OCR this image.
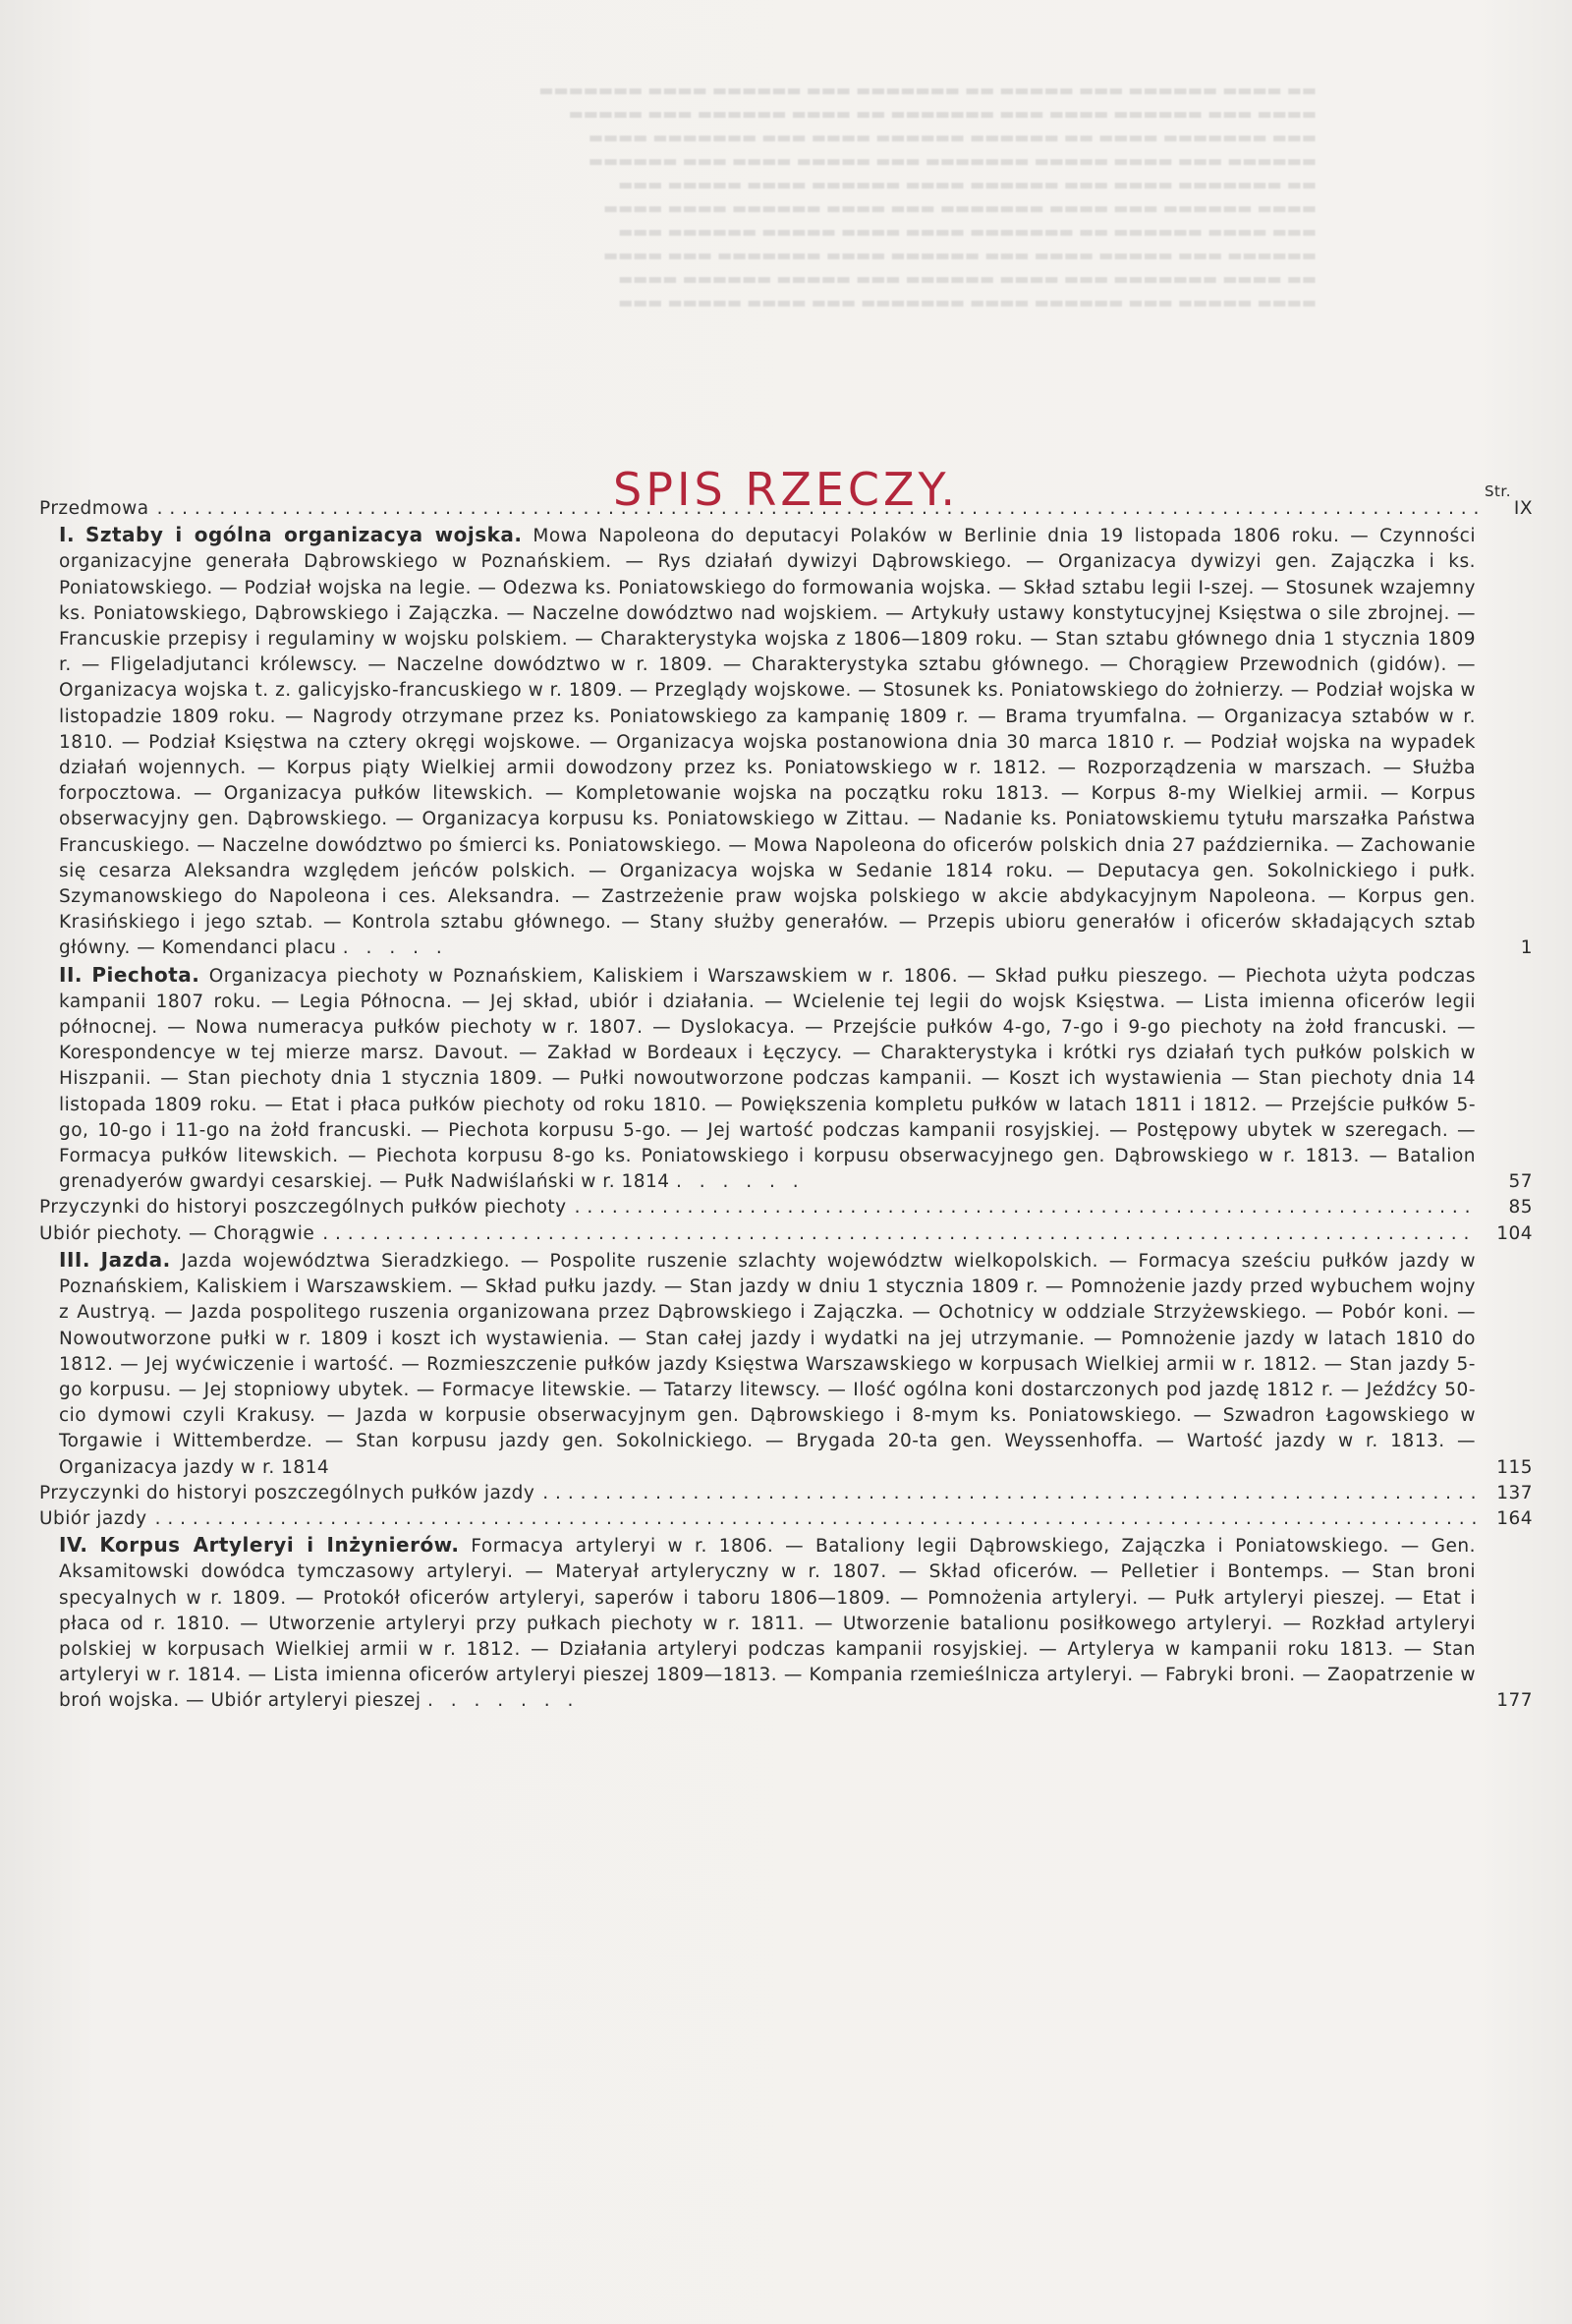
▬▬ ▬▬▬▬ ▬▬▬▬▬▬ ▬▬▬ ▬▬▬▬▬ ▬▬ ▬▬▬▬▬▬▬ ▬▬▬ ▬▬▬▬▬▬ ▬▬▬▬ ▬▬▬▬▬▬▬
▬▬▬▬ ▬▬▬ ▬▬▬▬▬▬ ▬▬▬▬ ▬▬▬ ▬▬▬▬▬▬▬ ▬▬ ▬▬▬▬ ▬▬▬▬▬▬ ▬▬▬ ▬▬▬▬▬
▬▬▬ ▬▬▬▬▬▬▬ ▬▬▬▬ ▬▬ ▬▬▬▬▬▬ ▬▬▬▬▬▬ ▬▬▬▬ ▬▬▬ ▬▬▬▬▬▬▬ ▬▬▬▬
▬▬▬▬▬▬ ▬▬▬ ▬▬▬▬ ▬▬▬▬▬ ▬▬▬▬▬▬▬ ▬▬▬ ▬▬▬▬▬ ▬▬▬▬ ▬▬▬ ▬▬▬▬▬▬
▬▬ ▬▬▬▬▬▬▬ ▬▬▬▬ ▬▬▬ ▬▬▬▬▬▬ ▬▬▬▬ ▬▬▬▬▬▬ ▬▬▬▬ ▬▬▬▬▬ ▬▬▬
▬▬▬▬ ▬▬▬▬▬▬ ▬▬▬ ▬▬▬▬ ▬▬▬▬▬▬▬ ▬▬▬ ▬▬▬▬ ▬▬▬▬▬▬ ▬▬▬▬ ▬▬▬▬
▬▬▬ ▬▬▬▬ ▬▬▬▬▬▬ ▬▬ ▬▬▬▬▬▬▬ ▬▬▬▬ ▬▬▬▬ ▬▬▬▬▬ ▬▬▬▬▬▬ ▬▬▬
▬▬▬▬▬▬ ▬▬▬ ▬▬▬▬▬ ▬▬▬▬ ▬▬▬ ▬▬▬▬▬▬ ▬▬▬▬ ▬▬▬▬▬▬▬ ▬▬▬ ▬▬▬▬
▬▬ ▬▬▬▬ ▬▬▬▬▬▬▬ ▬▬▬ ▬▬▬▬ ▬▬▬▬▬▬ ▬▬▬ ▬▬▬▬▬ ▬▬▬▬▬▬ ▬▬▬▬
▬▬▬▬ ▬▬▬▬▬ ▬▬▬ ▬▬▬▬▬▬ ▬▬▬▬ ▬▬▬▬▬▬▬ ▬▬▬ ▬▬▬▬ ▬▬▬▬▬ ▬▬▬
SPIS RZECZY.	Str.
Przedmowa . . .	IX
I. Sztaby i ogólna organizacya wojska. Mowa Napoleona do deputacyi Polaków w Berlinie dnia 19 listopada 1806 roku. — Czynności organizacyjne generała Dąbrowskiego w Poznańskiem. — Rys działań dywizyi Dąbrowskiego. — Organizacya dywizyi gen. Zajączka i ks. Poniatowskiego. — Podział wojska na legie. — Odezwa ks. Poniatowskiego do formowania wojska. — Skład sztabu legii I-szej. — Stosunek wzajemny ks. Poniatowskiego, Dąbrowskiego i Zajączka. — Naczelne dowództwo nad wojskiem. — Artykuły ustawy konstytucyjnej Księstwa o sile zbrojnej. — Francuskie przepisy i regulaminy w wojsku polskiem. — Charakterystyka wojska z 1806—1809 roku. — Stan sztabu głównego dnia 1 stycznia 1809 r. — Fligeladjutanci królewscy. — Naczelne dowództwo w r. 1809. — Charakterystyka sztabu głównego. — Chorągiew Przewodnich (gidów). — Organizacya wojska t. z. galicyjsko-francuskiego w r. 1809. — Przeglądy wojskowe. — Stosunek ks. Poniatowskiego do żołnierzy. — Podział wojska w listopadzie 1809 roku. — Nagrody otrzymane przez ks. Poniatowskiego za kampanię 1809 r. — Brama tryumfalna. — Organizacya sztabów w r. 1810. — Podział Księstwa na cztery okręgi wojskowe. — Organizacya wojska postanowiona dnia 30 marca 1810 r. — Podział wojska na wypadek działań wojennych. — Korpus piąty Wielkiej armii dowodzony przez ks. Poniatowskiego w r. 1812. — Rozporządzenia w marszach. — Służba forpocztowa. — Organizacya pułków litewskich. — Kompletowanie wojska na początku roku 1813. — Korpus 8-my Wielkiej armii. — Korpus obserwacyjny gen. Dąbrowskiego. — Organizacya korpusu ks. Poniatowskiego w Zittau. — Nadanie ks. Poniatowskiemu tytułu marszałka Państwa Francuskiego. — Naczelne dowództwo po śmierci ks. Poniatowskiego. — Mowa Napoleona do oficerów polskich dnia 27 października. — Zachowanie się cesarza Aleksandra względem jeńców polskich. — Organizacya wojska w Sedanie 1814 roku. — Deputacya gen. Sokolnickiego i pułk. Szymanowskiego do Napoleona i ces. Aleksandra. — Zastrzeżenie praw wojska polskiego w akcie abdykacyjnym Napoleona. — Korpus gen. Krasińskiego i jego sztab. — Kontrola sztabu głównego. — Stany służby generałów. — Przepis ubioru generałów i oficerów składających sztab główny. — Komendanci placu . . . . .	1
II. Piechota. Organizacya piechoty w Poznańskiem, Kaliskiem i Warszawskiem w r. 1806. — Skład pułku pieszego. — Piechota użyta podczas kampanii 1807 roku. — Legia Północna. — Jej skład, ubiór i działania. — Wcielenie tej legii do wojsk Księstwa. — Lista imienna oficerów legii północnej. — Nowa numeracya pułków piechoty w r. 1807. — Dyslokacya. — Przejście pułków 4-go, 7-go i 9-go piechoty na żołd francuski. — Korespondencye w tej mierze marsz. Davout. — Zakład w Bordeaux i Łęczycy. — Charakterystyka i krótki rys działań tych pułków polskich w Hiszpanii. — Stan piechoty dnia 1 stycznia 1809. — Pułki nowoutworzone podczas kampanii. — Koszt ich wystawienia — Stan piechoty dnia 14 listopada 1809 roku. — Etat i płaca pułków piechoty od roku 1810. — Powiększenia kompletu pułków w latach 1811 i 1812. — Przejście pułków 5-go, 10-go i 11-go na żołd francuski. — Piechota korpusu 5-go. — Jej wartość podczas kampanii rosyjskiej. — Postępowy ubytek w szeregach. — Formacya pułków litewskich. — Piechota korpusu 8-go ks. Poniatowskiego i korpusu obserwacyjnego gen. Dąbrowskiego w r. 1813. — Batalion grenadyerów gwardyi cesarskiej. — Pułk Nadwiślański w r. 1814 . . . . . .	57
Przyczynki do historyi poszczególnych pułków piechoty . . .	85
Ubiór piechoty. — Chorągwie . . .	104
III. Jazda. Jazda województwa Sieradzkiego. — Pospolite ruszenie szlachty województw wielkopolskich. — Formacya sześciu pułków jazdy w Poznańskiem, Kaliskiem i Warszawskiem. — Skład pułku jazdy. — Stan jazdy w dniu 1 stycznia 1809 r. — Pomnożenie jazdy przed wybuchem wojny z Austryą. — Jazda pospolitego ruszenia organizowana przez Dąbrowskiego i Zajączka. — Ochotnicy w oddziale Strzyżewskiego. — Pobór koni. — Nowoutworzone pułki w r. 1809 i koszt ich wystawienia. — Stan całej jazdy i wydatki na jej utrzymanie. — Pomnożenie jazdy w latach 1810 do 1812. — Jej wyćwiczenie i wartość. — Rozmieszczenie pułków jazdy Księstwa Warszawskiego w korpusach Wielkiej armii w r. 1812. — Stan jazdy 5-go korpusu. — Jej stopniowy ubytek. — Formacye litewskie. — Tatarzy litewscy. — Ilość ogólna koni dostarczonych pod jazdę 1812 r. — Jeźdźcy 50-cio dymowi czyli Krakusy. — Jazda w korpusie obserwacyjnym gen. Dąbrowskiego i 8-mym ks. Poniatowskiego. — Szwadron Łagowskiego w Torgawie i Wittemberdze. — Stan korpusu jazdy gen. Sokolnickiego. — Brygada 20-ta gen. Weyssenhoffa. — Wartość jazdy w r. 1813. — Organizacya jazdy w r. 1814	115
Przyczynki do historyi poszczególnych pułków jazdy . . .	137
Ubiór jazdy . . .	164
IV. Korpus Artyleryi i Inżynierów. Formacya artyleryi w r. 1806. — Bataliony legii Dąbrowskiego, Zajączka i Poniatowskiego. — Gen. Aksamitowski dowódca tymczasowy artyleryi. — Materyał artyleryczny w r. 1807. — Skład oficerów. — Pelletier i Bontemps. — Stan broni specyalnych w r. 1809. — Protokół oficerów artyleryi, saperów i taboru 1806—1809. — Pomnożenia artyleryi. — Pułk artyleryi pieszej. — Etat i płaca od r. 1810. — Utworzenie artyleryi przy pułkach piechoty w r. 1811. — Utworzenie batalionu posiłkowego artyleryi. — Rozkład artyleryi polskiej w korpusach Wielkiej armii w r. 1812. — Działania artyleryi podczas kampanii rosyjskiej. — Artylerya w kampanii roku 1813. — Stan artyleryi w r. 1814. — Lista imienna oficerów artyleryi pieszej 1809—1813. — Kompania rzemieślnicza artyleryi. — Fabryki broni. — Zaopatrzenie w broń wojska. — Ubiór artyleryi pieszej . . . . . . .	177
